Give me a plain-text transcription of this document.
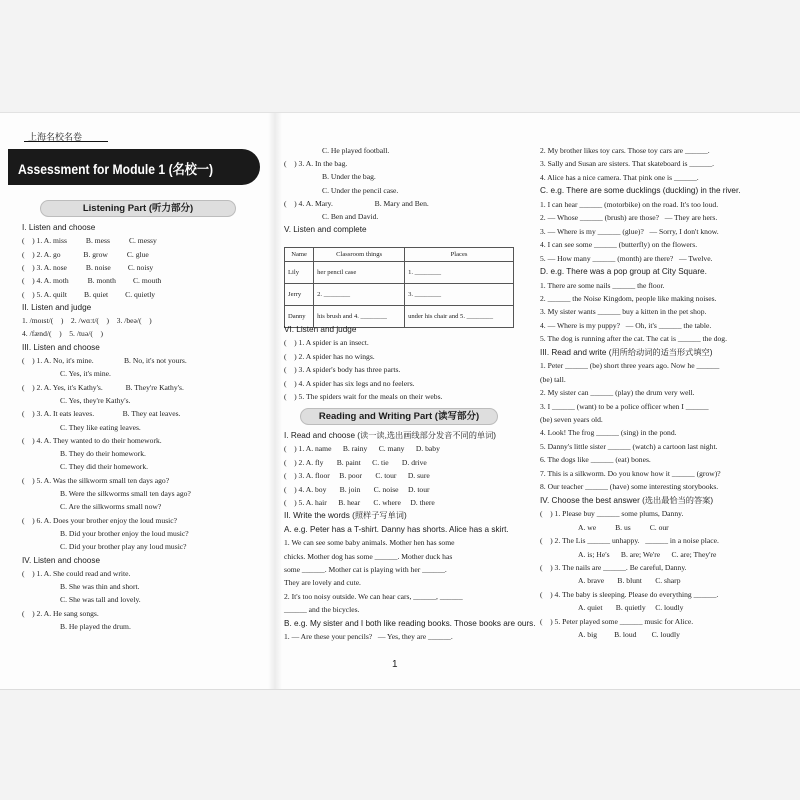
上海名校名卷
Assessment for Module 1 (名校一)
Listening Part (听力部分)
I. Listen and choose
(    ) 1. A. miss          B. mess          C. messy
(    ) 2. A. go            B. grow          C. glue
(    ) 3. A. nose          B. noise         C. noisy
(    ) 4. A. moth          B. month         C. mouth
(    ) 5. A. quilt         B. quiet         C. quietly
II. Listen and judge
1. /moɪst/(    )    2. /wɑːt/(    )    3. /beə/(    )
4. /fænd/(    )    5. /tuə/(    )
III. Listen and choose
(    ) 1. A. No, it's mine.                B. No, it's not yours.
C. Yes, it's mine.
(    ) 2. A. Yes, it's Kathy's.            B. They're Kathy's.
C. Yes, they're Kathy's.
(    ) 3. A. It eats leaves.               B. They eat leaves.
C. They like eating leaves.
(    ) 4. A. They wanted to do their homework.
B. They do their homework.
C. They did their homework.
(    ) 5. A. Was the silkworm small ten days ago?
B. Were the silkworms small ten days ago?
C. Are the silkworms small now?
(    ) 6. A. Does your brother enjoy the loud music?
B. Did your brother enjoy the loud music?
C. Did your brother play any loud music?
IV. Listen and choose
(    ) 1. A. She could read and write.
B. She was thin and short.
C. She was tall and lovely.
(    ) 2. A. He sang songs.
B. He played the drum.
C. He played football.
(    ) 3. A. In the bag.
B. Under the bag.
C. Under the pencil case.
(    ) 4. A. Mary.                      B. Mary and Ben.
C. Ben and David.
V. Listen and complete
Name	Classroom things	Places
Lily	her pencil case	1. ________
Jerry	2. ________	3. ________
Danny	his brush and 4. ________	under his chair and 5. ________
VI. Listen and judge
(    ) 1. A spider is an insect.
(    ) 2. A spider has no wings.
(    ) 3. A spider's body has three parts.
(    ) 4. A spider has six legs and no feelers.
(    ) 5. The spiders wait for the meals on their webs.
Reading and Writing Part (读写部分)
I. Read and choose (读一读,选出画线部分发音不同的单词)
(    ) 1. A. name      B. rainy      C. many      D. baby
(    ) 2. A. fly       B. paint      C. tie       D. drive
(    ) 3. A. floor     B. poor       C. tour      D. sure
(    ) 4. A. boy       B. join       C. noise     D. tour
(    ) 5. A. hair      B. hear       C. where     D. there
II. Write the words (照样子写单词)
A. e.g. Peter has a T-shirt. Danny has shorts. Alice has a skirt.
1. We can see some baby animals. Mother hen has some
chicks. Mother dog has some ______. Mother duck has
some ______. Mother cat is playing with her ______.
They are lovely and cute.
2. It's too noisy outside. We can hear cars, ______, ______
______ and the bicycles.
B. e.g. My sister and I both like reading books. Those books are ours.
1. — Are these your pencils?   — Yes, they are ______.
2. My brother likes toy cars. Those toy cars are ______.
3. Sally and Susan are sisters. That skateboard is ______.
4. Alice has a nice camera. That pink one is ______.
C. e.g. There are some ducklings (duckling) in the river.
1. I can hear ______ (motorbike) on the road. It's too loud.
2. — Whose ______ (brush) are those?   — They are hers.
3. — Where is my ______ (glue)?   — Sorry, I don't know.
4. I can see some ______ (butterfly) on the flowers.
5. — How many ______ (month) are there?   — Twelve.
D. e.g. There was a pop group at City Square.
1. There are some nails ______ the floor.
2. ______ the Noise Kingdom, people like making noises.
3. My sister wants ______ buy a kitten in the pet shop.
4. — Where is my puppy?   — Oh, it's ______ the table.
5. The dog is running after the cat. The cat is ______ the dog.
III. Read and write (用所给动词的适当形式填空)
1. Peter ______ (be) short three years ago. Now he ______
(be) tall.
2. My sister can ______ (play) the drum very well.
3. I ______ (want) to be a police officer when I ______
(be) seven years old.
4. Look! The frog ______ (sing) in the pond.
5. Danny's little sister ______ (watch) a cartoon last night.
6. The dogs like ______ (eat) bones.
7. This is a silkworm. Do you know how it ______ (grow)?
8. Our teacher ______ (have) some interesting storybooks.
IV. Choose the best answer (选出最恰当的答案)
(    ) 1. Please buy ______ some plums, Danny.
A. we          B. us          C. our
(    ) 2. The Lis ______ unhappy.   ______ in a noise place.
A. is; He's      B. are; We're      C. are; They're
(    ) 3. The nails are ______. Be careful, Danny.
A. brave       B. blunt       C. sharp
(    ) 4. The baby is sleeping. Please do everything ______.
A. quiet       B. quietly     C. loudly
(    ) 5. Peter played some ______ music for Alice.
A. big         B. loud        C. loudly
1
